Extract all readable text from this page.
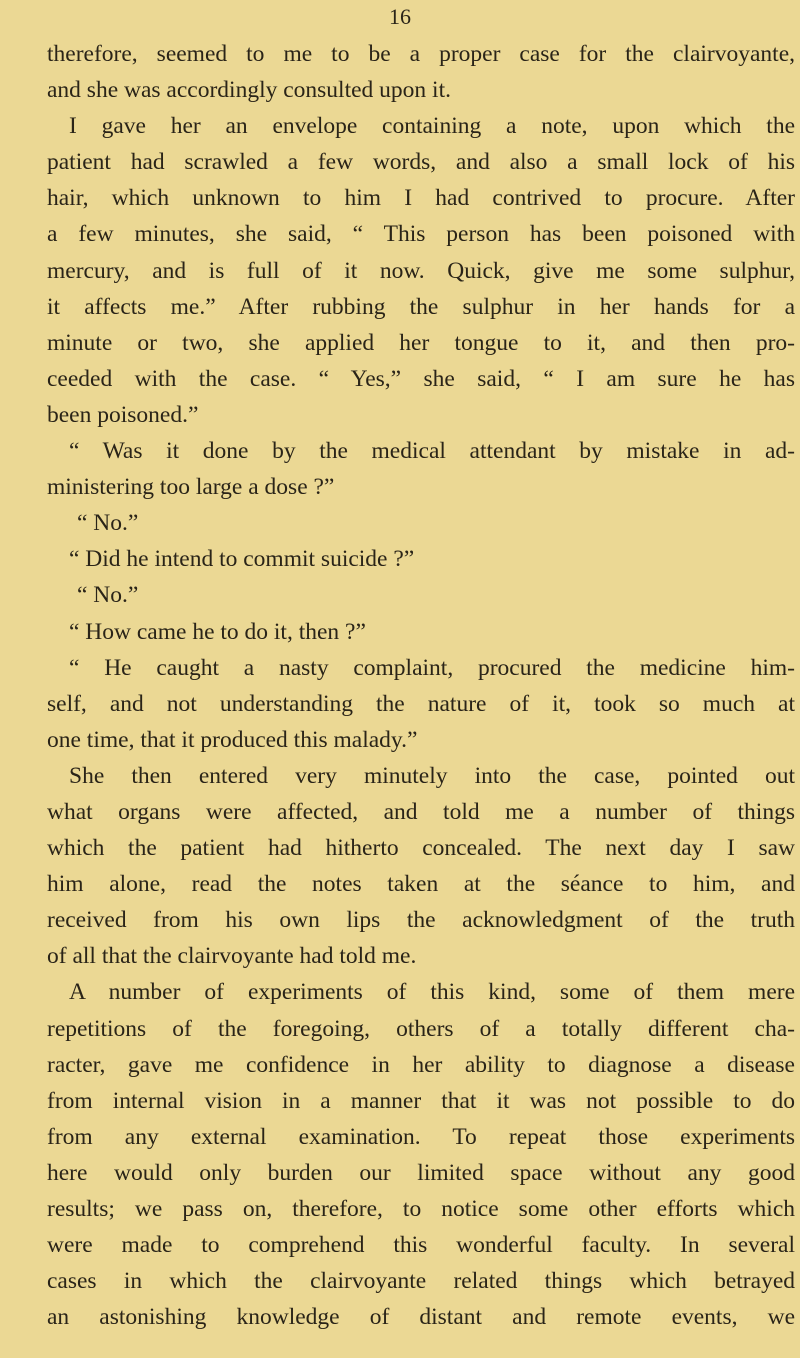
16
therefore, seemed to me to be a proper case for the clairvoyante,
and she was accordingly consulted upon it.
I gave her an envelope containing a note, upon which the
patient had scrawled a few words, and also a small lock of his
hair, which unknown to him I had contrived to procure. After
a few minutes, she said, “ This person has been poisoned with
mercury, and is full of it now. Quick, give me some sulphur,
it affects me.” After rubbing the sulphur in her hands for a
minute or two, she applied her tongue to it, and then pro-
ceeded with the case. “ Yes,” she said, “ I am sure he has
been poisoned.”
“ Was it done by the medical attendant by mistake in ad-
ministering too large a dose ?”
“ No.”
“ Did he intend to commit suicide ?”
“ No.”
“ How came he to do it, then ?”
“ He caught a nasty complaint, procured the medicine him-
self, and not understanding the nature of it, took so much at
one time, that it produced this malady.”
She then entered very minutely into the case, pointed out
what organs were affected, and told me a number of things
which the patient had hitherto concealed. The next day I saw
him alone, read the notes taken at the séance to him, and
received from his own lips the acknowledgment of the truth
of all that the clairvoyante had told me.
A number of experiments of this kind, some of them mere
repetitions of the foregoing, others of a totally different cha-
racter, gave me confidence in her ability to diagnose a disease
from internal vision in a manner that it was not possible to do
from any external examination. To repeat those experiments
here would only burden our limited space without any good
results; we pass on, therefore, to notice some other efforts which
were made to comprehend this wonderful faculty. In several
cases in which the clairvoyante related things which betrayed
an astonishing knowledge of distant and remote events, we
